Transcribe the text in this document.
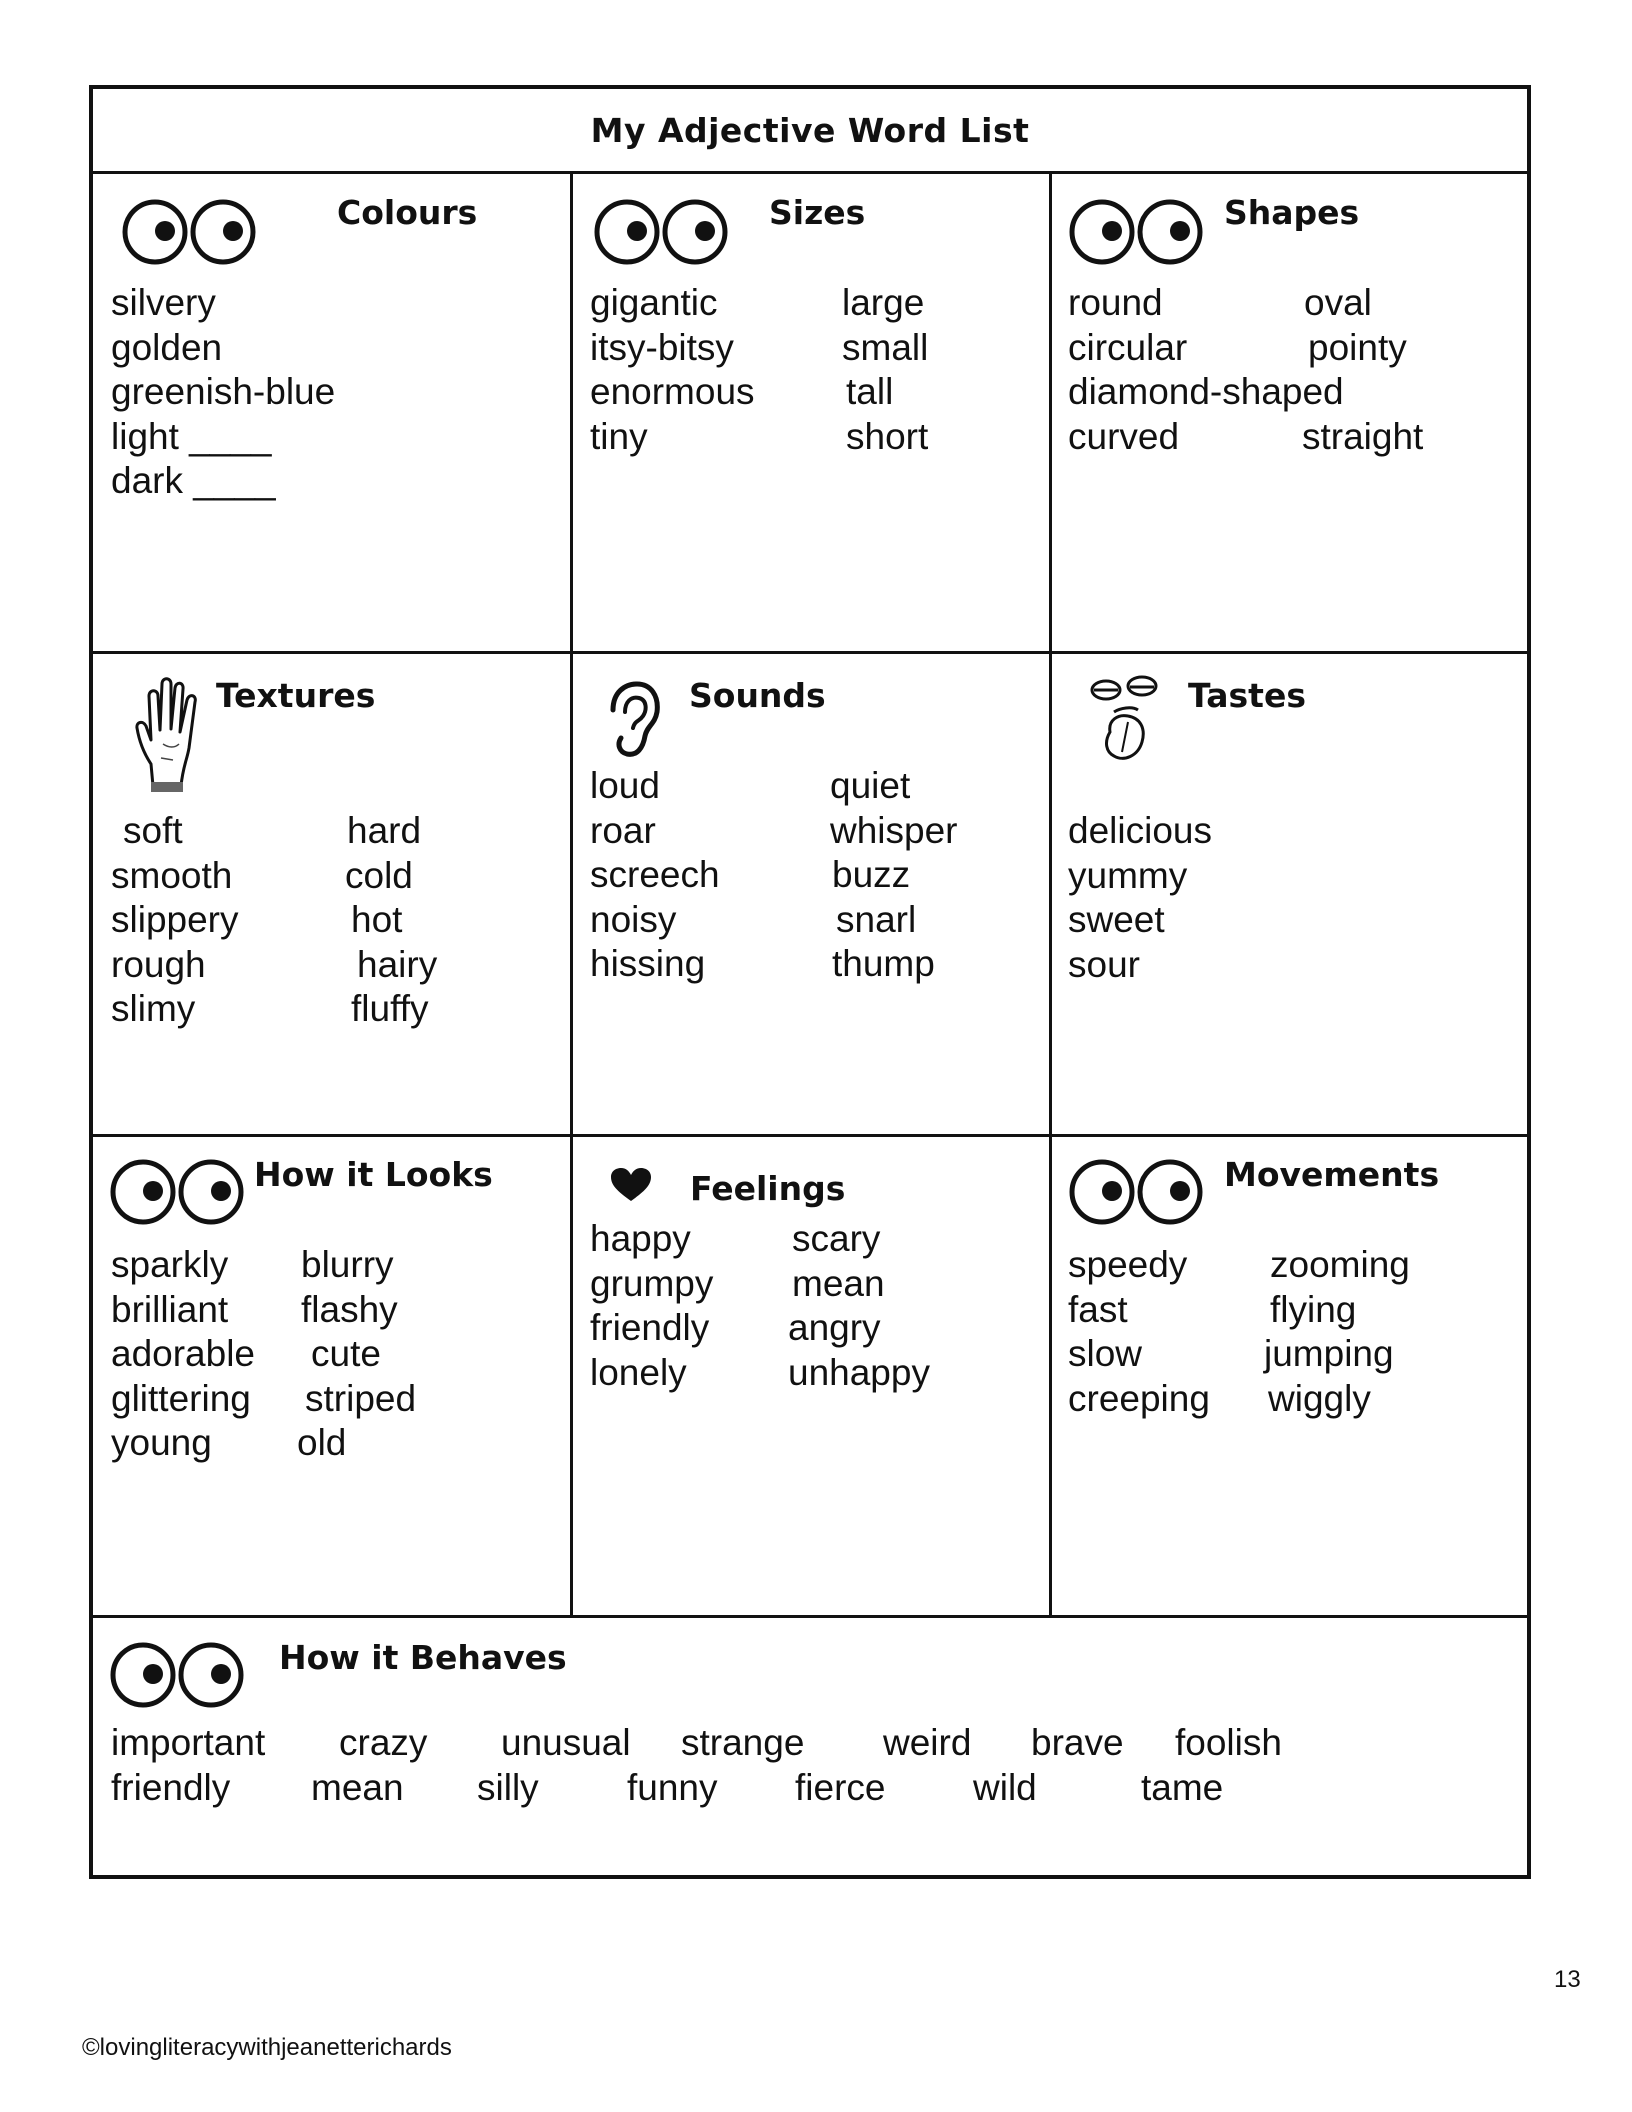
My Adjective Word List
Colours
silvery
golden
greenish-blue
light ____
dark ____
Sizes
gigantic	large
itsy-bitsy	small
enormous tall
tiny	short
Shapes
round	oval
circular	pointy
diamond-shaped
curved	straight
Textures
soft	hard
smooth	cold
slippery	hot
rough	hairy
slimy	fluffy
Sounds
loud	quiet
roar	whisper
screech	buzz
noisy	snarl
hissing	thump
Tastes
delicious
yummy
sweet
sour
How it Looks
sparkly blurry
brilliant flashy
adorable cute
glittering striped
young old
Feelings
happy	scary
grumpy mean
friendly angry
lonely	unhappy
Movements
speedy zooming
fast	flying
slow	jumping
creeping wiggly
How it Behaves
important crazy unusual strange weird brave foolish
friendly mean silly funny fierce wild	tame
13
©lovingliteracywithjeanetterichards
